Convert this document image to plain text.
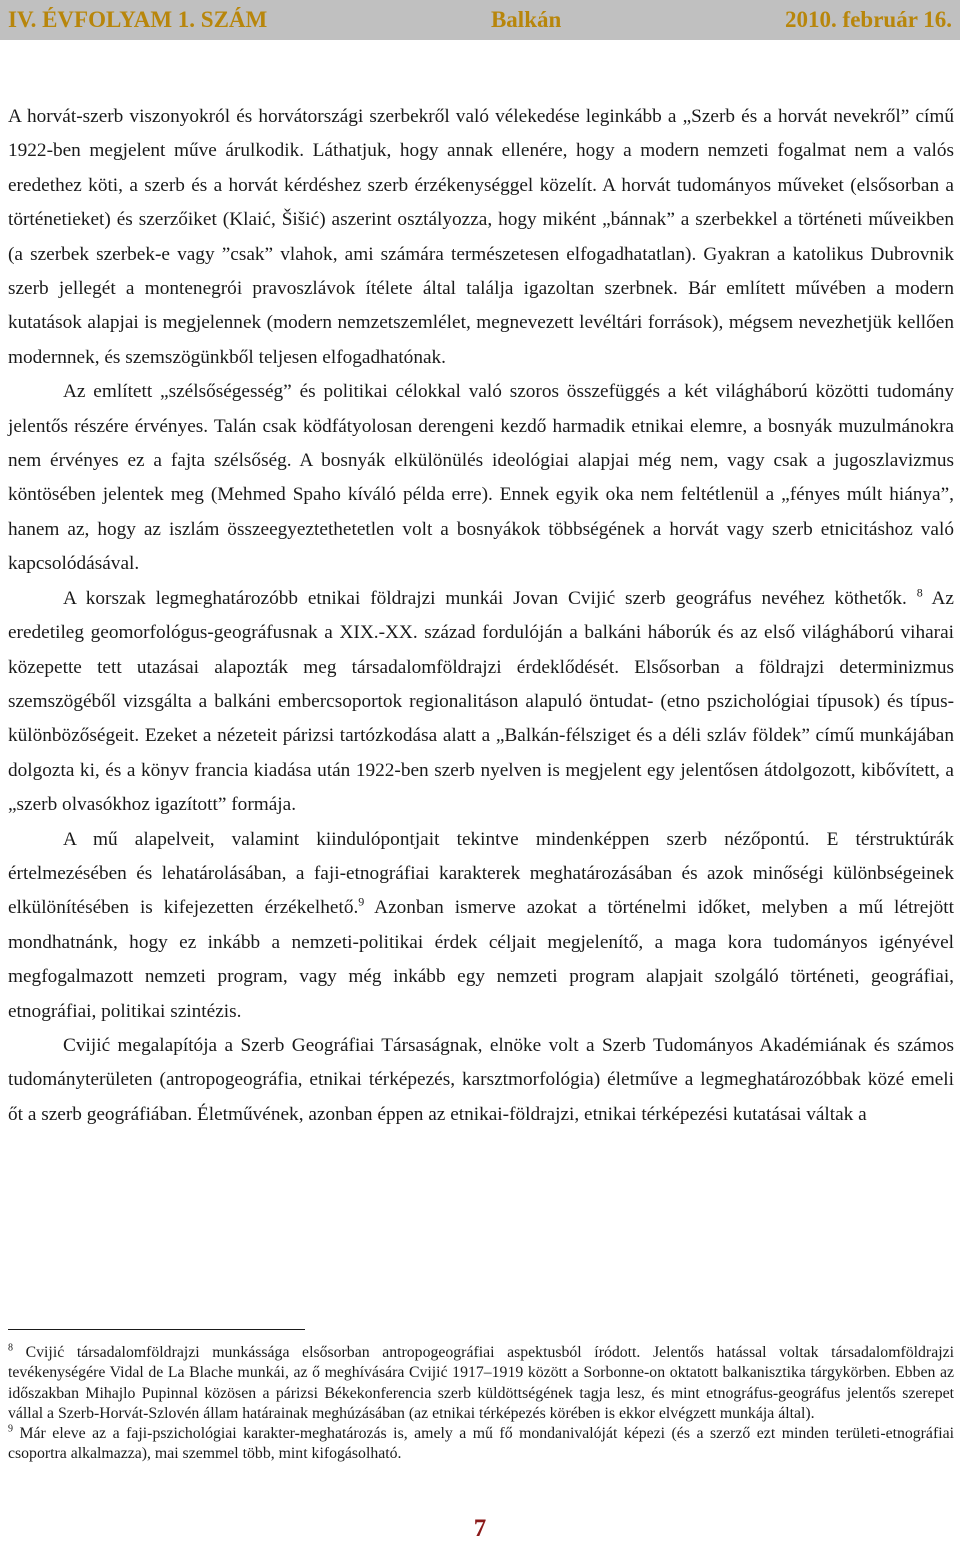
IV. ÉVFOLYAM 1. SZÁM	Balkán	2010. február 16.

A horvát-szerb viszonyokról és horvátországi szerbekről való vélekedése leginkább a „Szerb és a horvát nevekről” című 1922-ben megjelent műve árulkodik. Láthatjuk, hogy annak ellenére, hogy a modern nemzeti fogalmat nem a valós eredethez köti, a szerb és a horvát kérdéshez szerb érzékenységgel közelít. A horvát tudományos műveket (elsősorban a történetieket) és szerzőiket (Klaić, Šišić) aszerint osztályozza, hogy miként „bánnak” a szerbekkel a történeti műveikben (a szerbek szerbek-e vagy ”csak” vlahok, ami számára természetesen elfogadhatatlan). Gyakran a katolikus Dubrovnik szerb jellegét a montenegrói pravoszlávok ítélete által találja igazoltan szerbnek. Bár említett művében a modern kutatások alapjai is megjelennek (modern nemzetszemlélet, megnevezett levéltári források), mégsem nevezhetjük kellően modernnek, és szemszögünkből teljesen elfogadhatónak.

Az említett „szélsőségesség” és politikai célokkal való szoros összefüggés a két világháború közötti tudomány jelentős részére érvényes. Talán csak ködfátyolosan derengeni kezdő harmadik etnikai elemre, a bosnyák muzulmánokra nem érvényes ez a fajta szélsőség. A bosnyák elkülönülés ideológiai alapjai még nem, vagy csak a jugoszlavizmus köntösében jelentek meg (Mehmed Spaho kíváló példa erre). Ennek egyik oka nem feltétlenül a „fényes múlt hiánya”, hanem az, hogy az iszlám összeegyeztethetetlen volt a bosnyákok többségének a horvát vagy szerb etnicitáshoz való kapcsolódásával.

A korszak legmeghatározóbb etnikai földrajzi munkái Jovan Cvijić szerb geográfus nevéhez köthetők. $^8$ Az eredetileg geomorfológus-geográfusnak a XIX.-XX. század fordulóján a balkáni háborúk és az első világháború viharai közepette tett utazásai alapozták meg társadalomföldrajzi érdeklődését. Elsősorban a földrajzi determinizmus szemszögéből vizsgálta a balkáni embercsoportok regionalitáson alapuló öntudat- (etno pszichológiai típusok) és típus-különbözőségeit. Ezeket a nézeteit párizsi tartózkodása alatt a „Balkán-félsziget és a déli szláv földek” című munkájában dolgozta ki, és a könyv francia kiadása után 1922-ben szerb nyelven is megjelent egy jelentősen átdolgozott, kibővített, a „szerb olvasókhoz igazított” formája.

A mű alapelveit, valamint kiindulópontjait tekintve mindenképpen szerb nézőpontú. E térstruktúrák értelmezésében és lehatárolásában, a faji-etnográfiai karakterek meghatározásában és azok minőségi különbségeinek elkülönítésében is kifejezetten érzékelhető.$^9$ Azonban ismerve azokat a történelmi időket, melyben a mű létrejött mondhatnánk, hogy ez inkább a nemzeti-politikai érdek céljait megjelenítő, a maga kora tudományos igényével megfogalmazott nemzeti program, vagy még inkább egy nemzeti program alapjait szolgáló történeti, geográfiai, etnográfiai, politikai szintézis.

Cvijić megalapítója a Szerb Geográfiai Társaságnak, elnöke volt a Szerb Tudományos Akadémiának és számos tudományterületen (antropogeográfia, etnikai térképezés, karsztmorfológia) életműve a legmeghatározóbbak közé emeli őt a szerb geográfiában. Életművének, azonban éppen az etnikai-földrajzi, etnikai térképezési kutatásai váltak a

$^8$ Cvijić társadalomföldrajzi munkássága elsősorban antropogeográfiai aspektusból íródott. Jelentős hatással voltak társadalomföldrajzi tevékenységére Vidal de La Blache munkái, az ő meghívására Cvijić 1917–1919 között a Sorbonne-on oktatott balkanisztika tárgykörben. Ebben az időszakban Mihajlo Pupinnal közösen a párizsi Békekonferencia szerb küldöttségének tagja lesz, és mint etnográfus-geográfus jelentős szerepet vállal a Szerb-Horvát-Szlovén állam határainak meghúzásában (az etnikai térképezés körében is ekkor elvégzett munkája által).

$^9$ Már eleve az a faji-pszichológiai karakter-meghatározás is, amely a mű fő mondanivalóját képezi (és a szerző ezt minden területi-etnográfiai csoportra alkalmazza), mai szemmel több, mint kifogásolható.

7
